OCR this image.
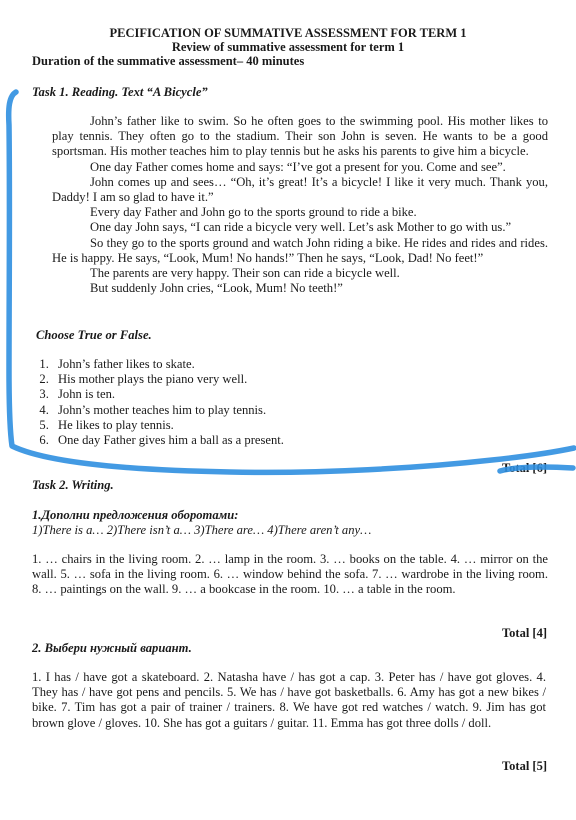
PECIFICATION OF SUMMATIVE ASSESSMENT FOR TERM 1
Review of summative assessment for term 1
Duration of the summative assessment– 40 minutes
Task 1. Reading. Text “A Bicycle”

John’s father like to swim. So he often goes to the swimming pool. His mother likes to play tennis. They often go to the stadium. Their son John is seven. He wants to be a good sportsman. His mother teaches him to play tennis but he asks his parents to give him a bicycle.

One day Father comes home and says: “I’ve got a present for you. Come and see”.

John comes up and sees… “Oh, it’s great! It’s a bicycle! I like it very much. Thank you, Daddy! I am so glad to have it.”

Every day Father and John go to the sports ground to ride a bike.

One day John says, “I can ride a bicycle very well. Let’s ask Mother to go with us.”

So they go to the sports ground and watch John riding a bike. He rides and rides and rides. He is happy. He says, “Look, Mum! No hands!” Then he says, “Look, Dad! No feet!”

The parents are very happy. Their son can ride a bicycle well.

But suddenly John cries, “Look, Mum! No teeth!”

Choose True or False.
1. John’s father likes to skate.
2. His mother plays the piano very well.
3. John is ten.
4. John’s mother teaches him to play tennis.
5. He likes to play tennis.
6. One day Father gives him a ball as a present.
Total [6]
Task 2. Writing.
1.Дополни предложения оборотами:
1)There is a… 2)There isn’t a… 3)There are… 4)There aren’t any…
1. … chairs in the living room. 2. … lamp in the room. 3. … books on the table. 4. … mirror on the wall. 5. … sofa in the living room. 6. … window behind the sofa. 7. … wardrobe in the living room. 8. … paintings on the wall. 9. … a bookcase in the room. 10. … a table in the room.
Total [4]
2. Выбери нужный вариант.
1. I has / have got a skateboard. 2. Natasha have / has got a cap. 3. Peter has / have got gloves. 4. They has / have got pens and pencils. 5. We has / have got basketballs. 6. Amy has got a new bikes / bike. 7. Tim has got a pair of trainer / trainers. 8. We have got red watches / watch. 9. Jim has got brown glove / gloves. 10. She has got a guitars / guitar. 11. Emma has got three dolls / doll.
Total [5]
